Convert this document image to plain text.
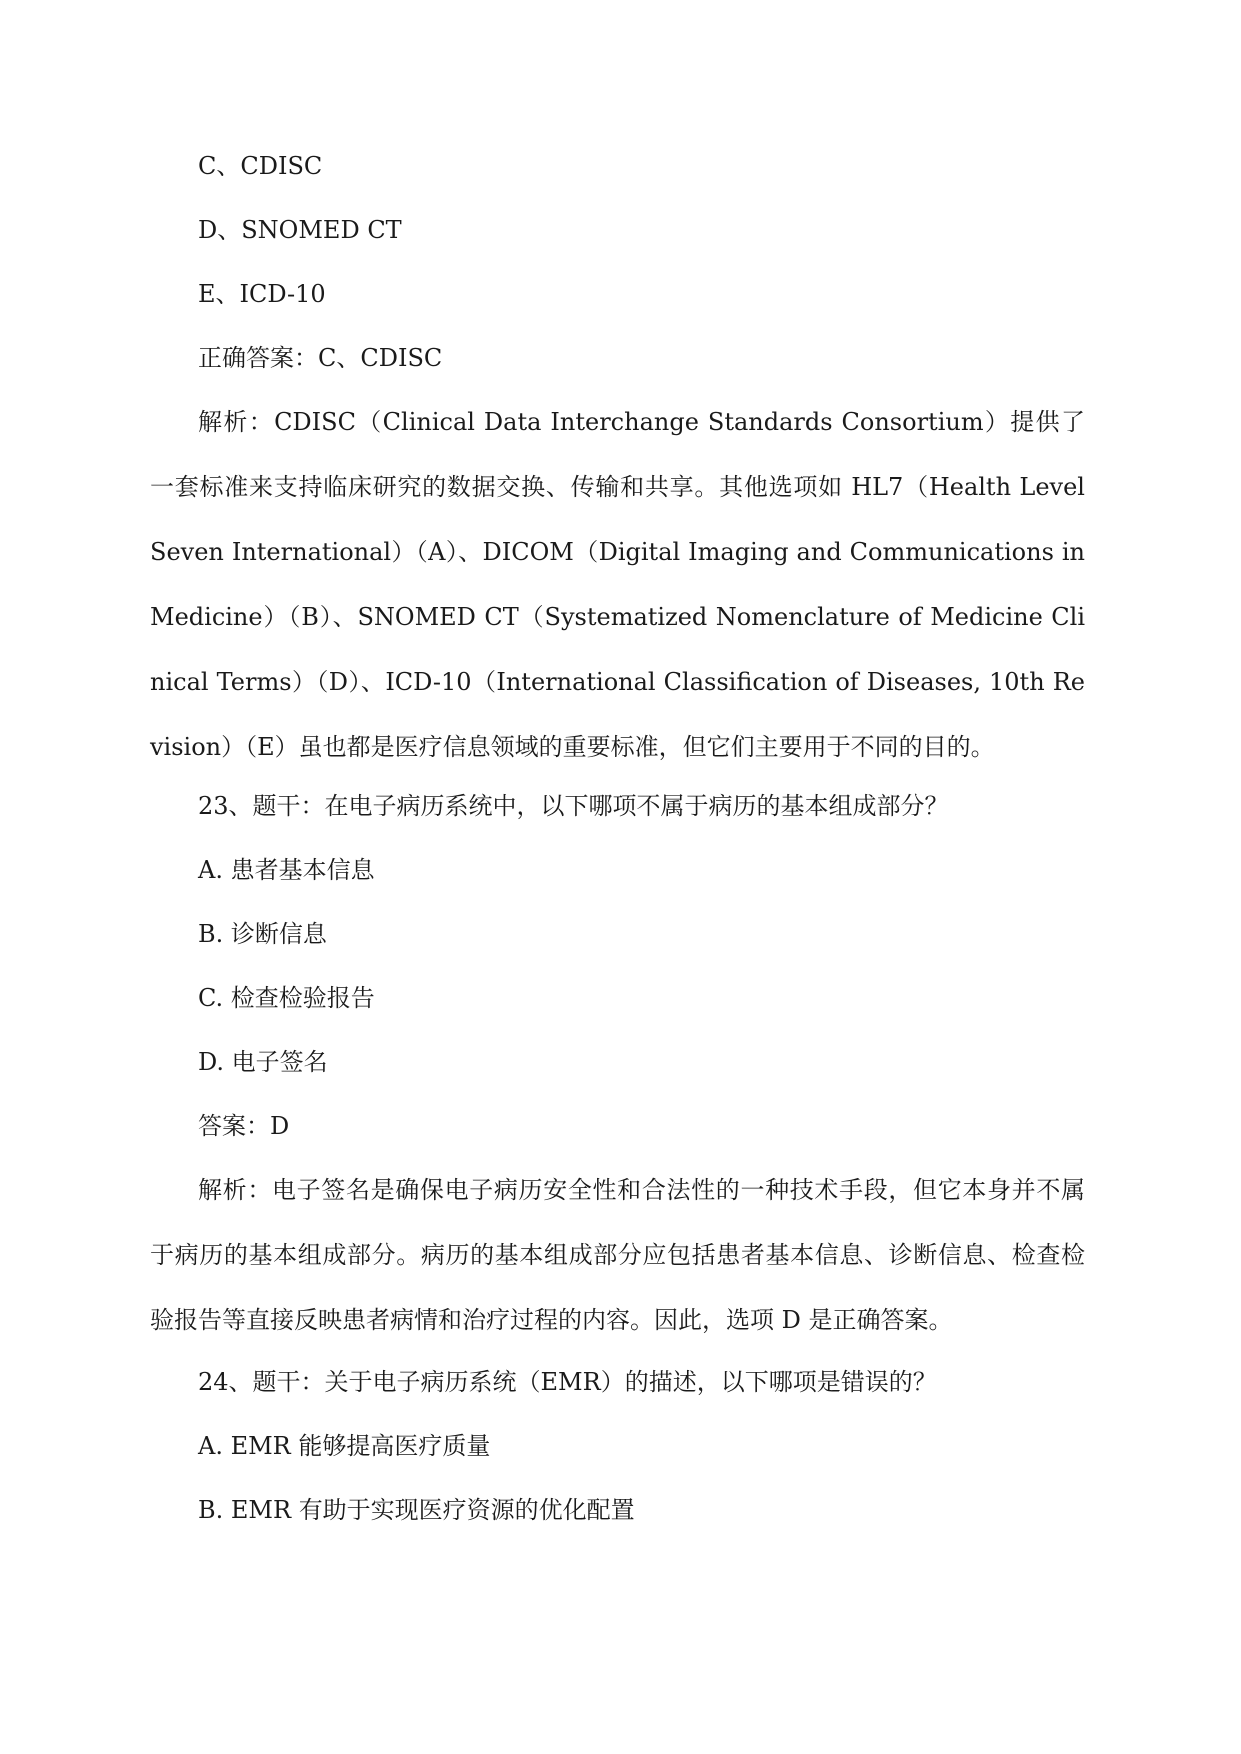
C、CDISC
D、SNOMED CT
E、ICD-10
正确答案：C、CDISC

解析：CDISC（Clinical Data Interchange Standards Consortium）提供了一套标准来支持临床研究的数据交换、传输和共享。其他选项如 HL7（Health Level Seven International）（A）、DICOM（Digital Imaging and Communications in Medicine）（B）、SNOMED CT（Systematized Nomenclature of Medicine Clinical Terms）（D）、ICD-10（International Classification of Diseases, 10th Revision）（E）虽也都是医疗信息领域的重要标准，但它们主要用于不同的目的。

23、题干：在电子病历系统中，以下哪项不属于病历的基本组成部分？
A. 患者基本信息
B. 诊断信息
C. 检查检验报告
D. 电子签名
答案：D

解析：电子签名是确保电子病历安全性和合法性的一种技术手段，但它本身并不属于病历的基本组成部分。病历的基本组成部分应包括患者基本信息、诊断信息、检查检验报告等直接反映患者病情和治疗过程的内容。因此，选项 D 是正确答案。

24、题干：关于电子病历系统（EMR）的描述，以下哪项是错误的？
A. EMR 能够提高医疗质量
B. EMR 有助于实现医疗资源的优化配置
